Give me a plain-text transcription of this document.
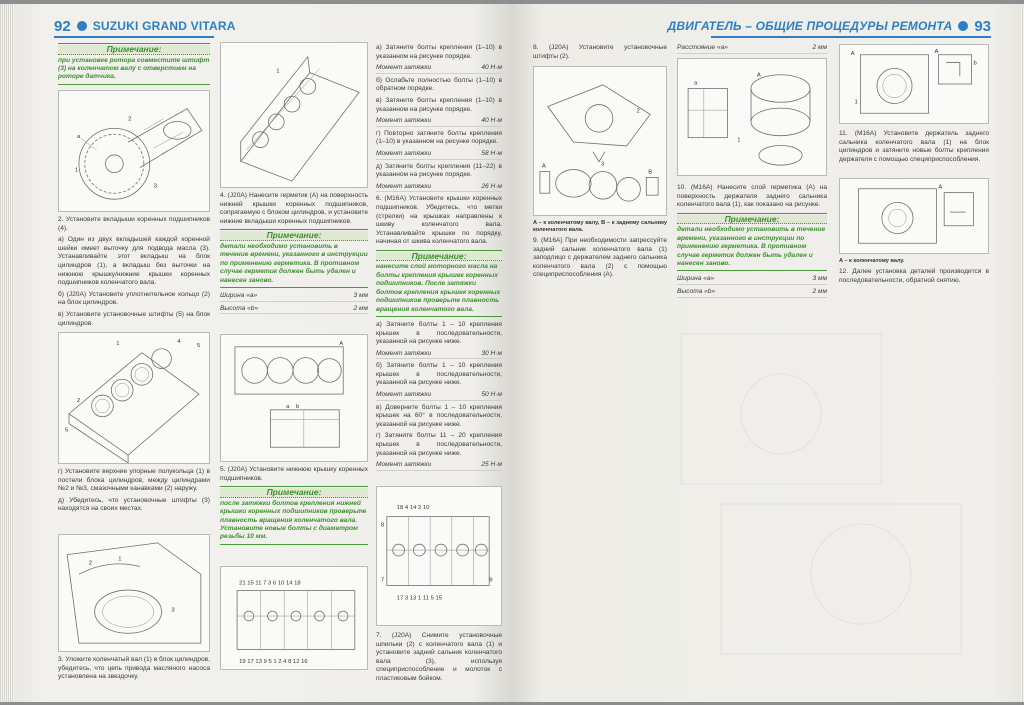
92 SUZUKI GRAND VITARA
Примечание:
при установке ротора совместите штифт (3) на коленчатом валу с отверстием на роторе датчика.
a
2
3
1

2. Установите вкладыши коренных подшипников (4).

а) Один из двух вкладышей каждой коренной шейки имеет выточку для подвода масла (3). Устанавливайте этот вкладыш на блок цилиндров (1), а вкладыш без выточки на нижнюю крышку/нижние крышки коренных подшипников коленчатого вала.

б) (J20A) Установите уплотнительное кольцо (2) на блок цилиндров.

в) Установите установочные штифты (5) на блок цилиндров.

1	4
5
5
2

г) Установите верхние упорные полукольца (1) в постели блока цилиндров, между цилиндрами №2 и №3, смазочными канавками (2) наружу.

д) Убедитесь, что установочные штифты (3) находятся на своих местах.

2
1
3

3. Уложите коленчатый вал (1) в блок цилиндров, убедитесь, что цепь привода масляного насоса установлена на звездочку.

1

4. (J20A) Нанесите герметик (A) на поверхность нижней крышки коренных подшипников, сопрягаемую с блоком цилиндров, и установите нижние вкладыши коренных подшипников.

Примечание:
детали необходимо установить в течение времени, указанного в инструкции по применению герметика. В противном случае герметик должен быть удален и нанесен заново.
Ширина «a»	3 мм
Высота «b»	2 мм
A
a b

5. (J20A) Установите нижнюю крышку коренных подшипников.

Примечание:
после затяжки болтов крепления нижней крышки коренных подшипников проверьте плавность вращения коленчатого вала. Установите новые болты с диаметром резьбы 10 мм.
21 15 11 7 3 6 10 14 18
19 17 13 9 5 1 2 4 8 12 16

а) Затяните болты крепления (1–10) в указанном на рисунке порядке.

Момент затяжки	40 Н·м

б) Ослабьте полностью болты (1–10) в обратном порядке.

в) Затяните болты крепления (1–10) в указанном на рисунке порядке.

Момент затяжки	40 Н·м

г) Повторно затяните болты крепления (1–10) в указанном на рисунке порядке.

Момент затяжки	58 Н·м

д) Затяните болты крепления (11–22) в указанном на рисунке порядке.

Момент затяжки	26 Н·м

6. (M16A) Установите крышки коренных подшипников. Убедитесь, что метки (стрелки) на крышках направлены к шкиву коленчатого вала. Устанавливайте крышки по порядку, начиная от шкива коленчатого вала.

Примечание:
нанесите слой моторного масла на болты крепления крышек коренных подшипников. После затяжки болтов крепления крышек коренных подшипников проверьте плавность вращения коленчатого вала.

а) Затяните болты 1 – 10 крепления крышек в последовательности, указанной на рисунке ниже.

Момент затяжки	30 Н·м

б) Затяните болты 1 – 10 крепления крышек в последовательности, указанной на рисунке ниже.

Момент затяжки	50 Н·м

в) Доверните болты 1 – 10 крепления крышек на 60° в последовательности, указанной на рисунке ниже.

г) Затяните болты 11 – 20 крепления крышек в последовательности, указанной на рисунке ниже.

Момент затяжки	25 Н·м
18 4 14 2 10
8
7
17 3 13 1 11 5 15
9

7. (J20A) Снимите установочные шпильки (2) с коленчатого вала (1) и установите задний сальник коленчатого вала (3), используя специприспособление и молоток с пластиковым бойком.

ДВИГАТЕЛЬ – ОБЩИЕ ПРОЦЕДУРЫ РЕМОНТА 93

8. (J20A) Установите установочные штифты (2).

2
A
B
3

A – к коленчатому валу, B – к заднему сальнику коленчатого вала.

9. (M16A) При необходимости запрессуйте задний сальник коленчатого вала (1) заподлицо с держателем заднего сальника коленчатого вала (2) с помощью специприспособления (A).

Расстояние «a»	2 мм
A
1
a

10. (M16A) Нанесите слой герметика (A) на поверхность держателя заднего сальника коленчатого вала (1), как показано на рисунке.

Примечание:
детали необходимо установить в течение времени, указанного в инструкции по применению герметика. В противном случае герметик должен быть удален и нанесен заново.
Ширина «a»	3 мм
Высота «b»	2 мм
A	A
b
1

11. (M16A) Установите держатель заднего сальника коленчатого вала (1) на блок цилиндров и затяните новые болты крепления держателя с помощью специприспособления.

A

A – к коленчатому валу.

12. Далее установка деталей производится в последовательности, обратной снятию.
